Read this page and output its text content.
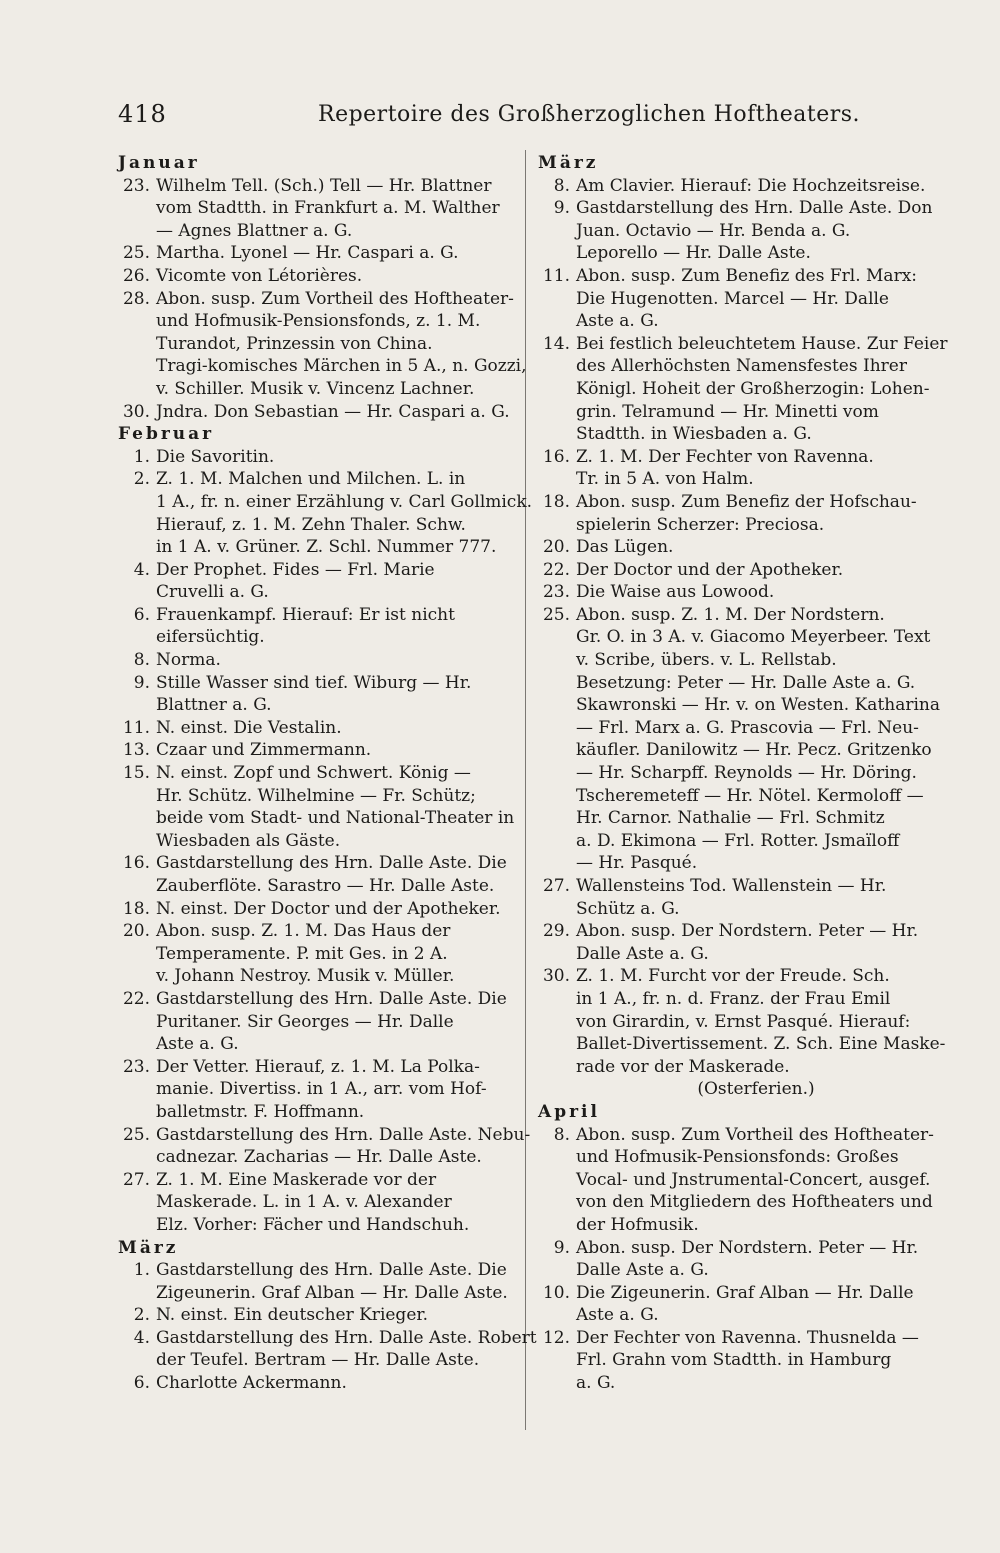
418	Repertoire des Großherzoglichen Hoftheaters.
Januar
23. Wilhelm Tell. (Sch.) Tell — Hr. Blattner
vom Stadtth. in Frankfurt a. M. Walther
— Agnes Blattner a. G.
25. Martha. Lyonel — Hr. Caspari a. G.
26. Vicomte von Létorières.
28. Abon. susp. Zum Vortheil des Hoftheater-
und Hofmusik-Pensionsfonds, z. 1. M.
Turandot, Prinzessin von China.
Tragi-komisches Märchen in 5 A., n. Gozzi,
v. Schiller. Musik v. Vincenz Lachner.
30. Jndra. Don Sebastian — Hr. Caspari a. G.
Februar
1. Die Savoritin.
2. Z. 1. M. Malchen und Milchen. L. in
1 A., fr. n. einer Erzählung v. Carl Gollmick.
Hierauf, z. 1. M. Zehn Thaler. Schw.
in 1 A. v. Grüner. Z. Schl. Nummer 777.
4. Der Prophet. Fides — Frl. Marie
Cruvelli a. G.
6. Frauenkampf. Hierauf: Er ist nicht
eifersüchtig.
8. Norma.
9. Stille Wasser sind tief. Wiburg — Hr.
Blattner a. G.
11. N. einst. Die Vestalin.
13. Czaar und Zimmermann.
15. N. einst. Zopf und Schwert. König —
Hr. Schütz. Wilhelmine — Fr. Schütz;
beide vom Stadt- und National-Theater in
Wiesbaden als Gäste.
16. Gastdarstellung des Hrn. Dalle Aste. Die
Zauberflöte. Sarastro — Hr. Dalle Aste.
18. N. einst. Der Doctor und der Apotheker.
20. Abon. susp. Z. 1. M. Das Haus der
Temperamente. P. mit Ges. in 2 A.
v. Johann Nestroy. Musik v. Müller.
22. Gastdarstellung des Hrn. Dalle Aste. Die
Puritaner. Sir Georges — Hr. Dalle
Aste a. G.
23. Der Vetter. Hierauf, z. 1. M. La Polka-
manie. Divertiss. in 1 A., arr. vom Hof-
balletmstr. F. Hoffmann.
25. Gastdarstellung des Hrn. Dalle Aste. Nebu-
cadnezar. Zacharias — Hr. Dalle Aste.
27. Z. 1. M. Eine Maskerade vor der
Maskerade. L. in 1 A. v. Alexander
Elz. Vorher: Fächer und Handschuh.
März
1. Gastdarstellung des Hrn. Dalle Aste. Die
Zigeunerin. Graf Alban — Hr. Dalle Aste.
2. N. einst. Ein deutscher Krieger.
4. Gastdarstellung des Hrn. Dalle Aste. Robert
der Teufel. Bertram — Hr. Dalle Aste.
6. Charlotte Ackermann.
März
8. Am Clavier. Hierauf: Die Hochzeitsreise.
9. Gastdarstellung des Hrn. Dalle Aste. Don
Juan. Octavio — Hr. Benda a. G.
Leporello — Hr. Dalle Aste.
11. Abon. susp. Zum Benefiz des Frl. Marx:
Die Hugenotten. Marcel — Hr. Dalle
Aste a. G.
14. Bei festlich beleuchtetem Hause. Zur Feier
des Allerhöchsten Namensfestes Ihrer
Königl. Hoheit der Großherzogin: Lohen-
grin. Telramund — Hr. Minetti vom
Stadtth. in Wiesbaden a. G.
16. Z. 1. M. Der Fechter von Ravenna.
Tr. in 5 A. von Halm.
18. Abon. susp. Zum Benefiz der Hofschau-
spielerin Scherzer: Preciosa.
20. Das Lügen.
22. Der Doctor und der Apotheker.
23. Die Waise aus Lowood.
25. Abon. susp. Z. 1. M. Der Nordstern.
Gr. O. in 3 A. v. Giacomo Meyerbeer. Text
v. Scribe, übers. v. L. Rellstab.
Besetzung: Peter — Hr. Dalle Aste a. G.
Skawronski — Hr. v. on Westen. Katharina
— Frl. Marx a. G. Prascovia — Frl. Neu-
käufler. Danilowitz — Hr. Pecz. Gritzenko
— Hr. Scharpff. Reynolds — Hr. Döring.
Tscheremeteff — Hr. Nötel. Kermoloff —
Hr. Carnor. Nathalie — Frl. Schmitz
a. D. Ekimona — Frl. Rotter. Jsmaïloff
— Hr. Pasqué.
27. Wallensteins Tod. Wallenstein — Hr.
Schütz a. G.
29. Abon. susp. Der Nordstern. Peter — Hr.
Dalle Aste a. G.
30. Z. 1. M. Furcht vor der Freude. Sch.
in 1 A., fr. n. d. Franz. der Frau Emil
von Girardin, v. Ernst Pasqué. Hierauf:
Ballet-Divertissement. Z. Sch. Eine Maske-
rade vor der Maskerade.
(Osterferien.)
April
8. Abon. susp. Zum Vortheil des Hoftheater-
und Hofmusik-Pensionsfonds: Großes
Vocal- und Jnstrumental-Concert, ausgef.
von den Mitgliedern des Hoftheaters und
der Hofmusik.
9. Abon. susp. Der Nordstern. Peter — Hr.
Dalle Aste a. G.
10. Die Zigeunerin. Graf Alban — Hr. Dalle
Aste a. G.
12. Der Fechter von Ravenna. Thusnelda —
Frl. Grahn vom Stadtth. in Hamburg
a. G.
